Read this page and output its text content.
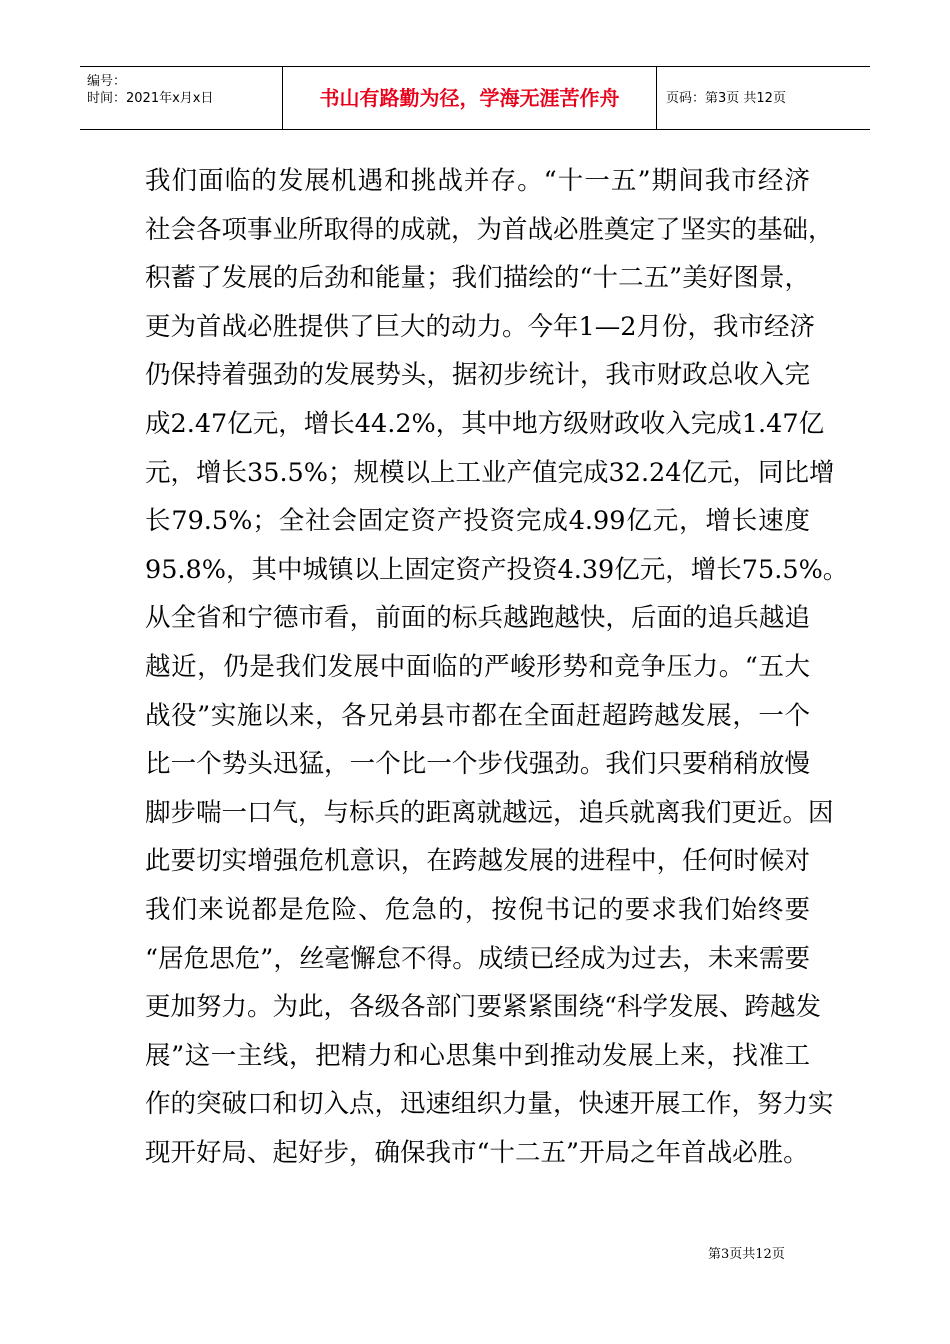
编号：
时间：2021年x月x日	书山有路勤为径，学海无涯苦作舟	页码：第3页 共12页
我们面临的发展机遇和挑战并存。“十一五”期间我市经济
社会各项事业所取得的成就，为首战必胜奠定了坚实的基础，
积蓄了发展的后劲和能量；我们描绘的“十二五”美好图景，
更为首战必胜提供了巨大的动力。今年1—2月份，我市经济
仍保持着强劲的发展势头，据初步统计，我市财政总收入完
成2.47亿元，增长44.2%，其中地方级财政收入完成1.47亿
元，增长35.5%；规模以上工业产值完成32.24亿元，同比增
长79.5%；全社会固定资产投资完成4.99亿元，增长速度
95.8%，其中城镇以上固定资产投资4.39亿元，增长75.5%。
从全省和宁德市看，前面的标兵越跑越快，后面的追兵越追
越近，仍是我们发展中面临的严峻形势和竞争压力。“五大
战役”实施以来，各兄弟县市都在全面赶超跨越发展，一个
比一个势头迅猛，一个比一个步伐强劲。我们只要稍稍放慢
脚步喘一口气，与标兵的距离就越远，追兵就离我们更近。因
此要切实增强危机意识，在跨越发展的进程中，任何时候对
我们来说都是危险、危急的，按倪书记的要求我们始终要
“居危思危”，丝毫懈怠不得。成绩已经成为过去，未来需要
更加努力。为此，各级各部门要紧紧围绕“科学发展、跨越发
展”这一主线，把精力和心思集中到推动发展上来，找准工
作的突破口和切入点，迅速组织力量，快速开展工作，努力实
现开好局、起好步，确保我市“十二五”开局之年首战必胜。
第3页共12页
